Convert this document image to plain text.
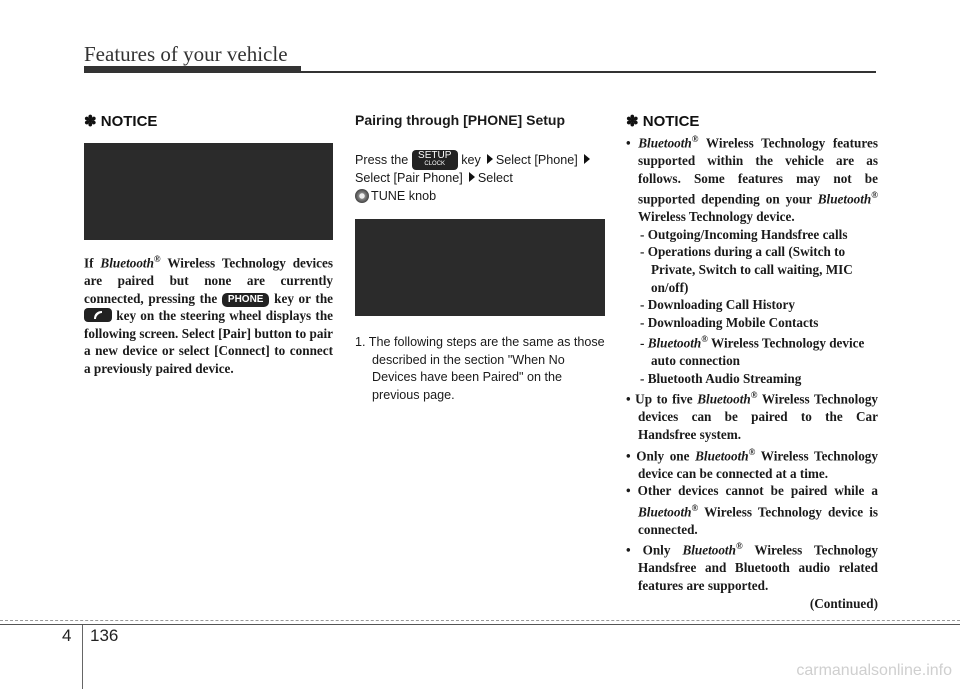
Features of your vehicle
✽ NOTICE
If Bluetooth® Wireless Technology devices are paired but none are currently connected, pressing the PHONE key or the
key on the steering wheel displays the following screen. Select [Pair] button to pair a new device or select [Connect] to connect a previously paired device.
Pairing through [PHONE] Setup
Press the SETUP
CLOCK	key Select [Phone]Select [Pair Phone] Select
TUNE knob
1. The following steps are the same as those described in the section "When No Devices have been Paired" on the previous page.
✽ NOTICE
• Bluetooth® Wireless Technology features supported within the vehicle are as follows. Some features may not be supported depending on your Bluetooth® Wireless Technology device.
- Outgoing/Incoming Handsfree calls
- Operations during a call (Switch to Private, Switch to call waiting, MIC on/off)
- Downloading Call History
- Downloading Mobile Contacts
- Bluetooth® Wireless Technology device auto connection
- Bluetooth Audio Streaming
• Up to five Bluetooth® Wireless Technology devices can be paired to the Car Handsfree system.
• Only one Bluetooth® Wireless Technology device can be connected at a time.
• Other devices cannot be paired while a Bluetooth® Wireless Technology device is connected.
• Only Bluetooth® Wireless Technology Handsfree and Bluetooth audio related features are supported.
(Continued)
4 136
carmanualsonline.info
